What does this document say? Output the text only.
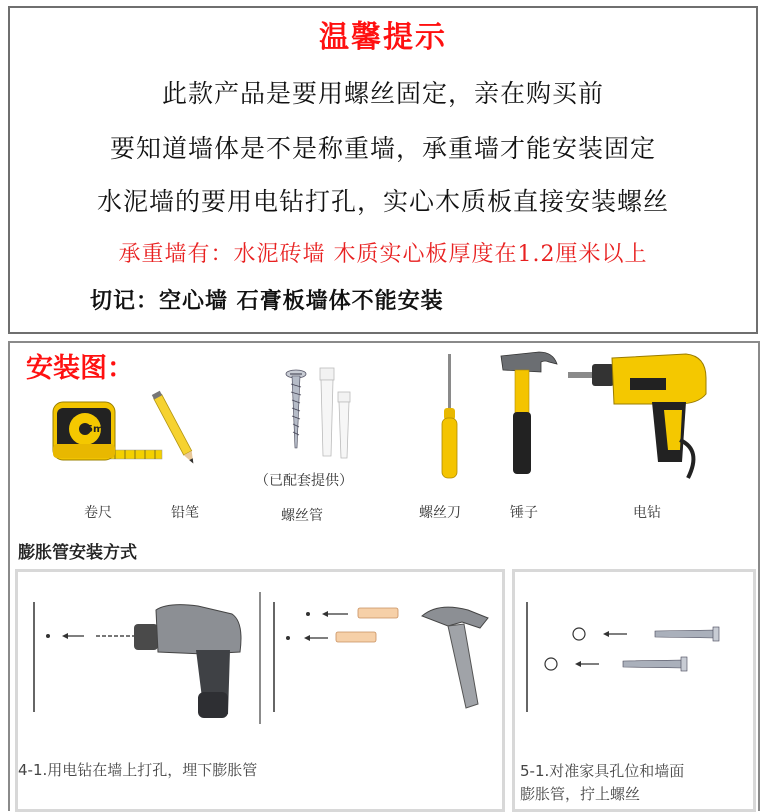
温馨提示
此款产品是要用螺丝固定，亲在购买前
要知道墙体是不是称重墙，承重墙才能安装固定
水泥墙的要用电钻打孔，实心木质板直接安装螺丝
承重墙有：水泥砖墙 木质实心板厚度在1.2厘米以上
切记：空心墙 石膏板墙体不能安装
安装图：
5m
卷尺	铅笔
（已配套提供）
螺丝管	螺丝刀	锤子	电钻
膨胀管安装方式
4-1.用电钻在墙上打孔，埋下膨胀管	5-1.对准家具孔位和墙面
膨胀管，拧上螺丝
